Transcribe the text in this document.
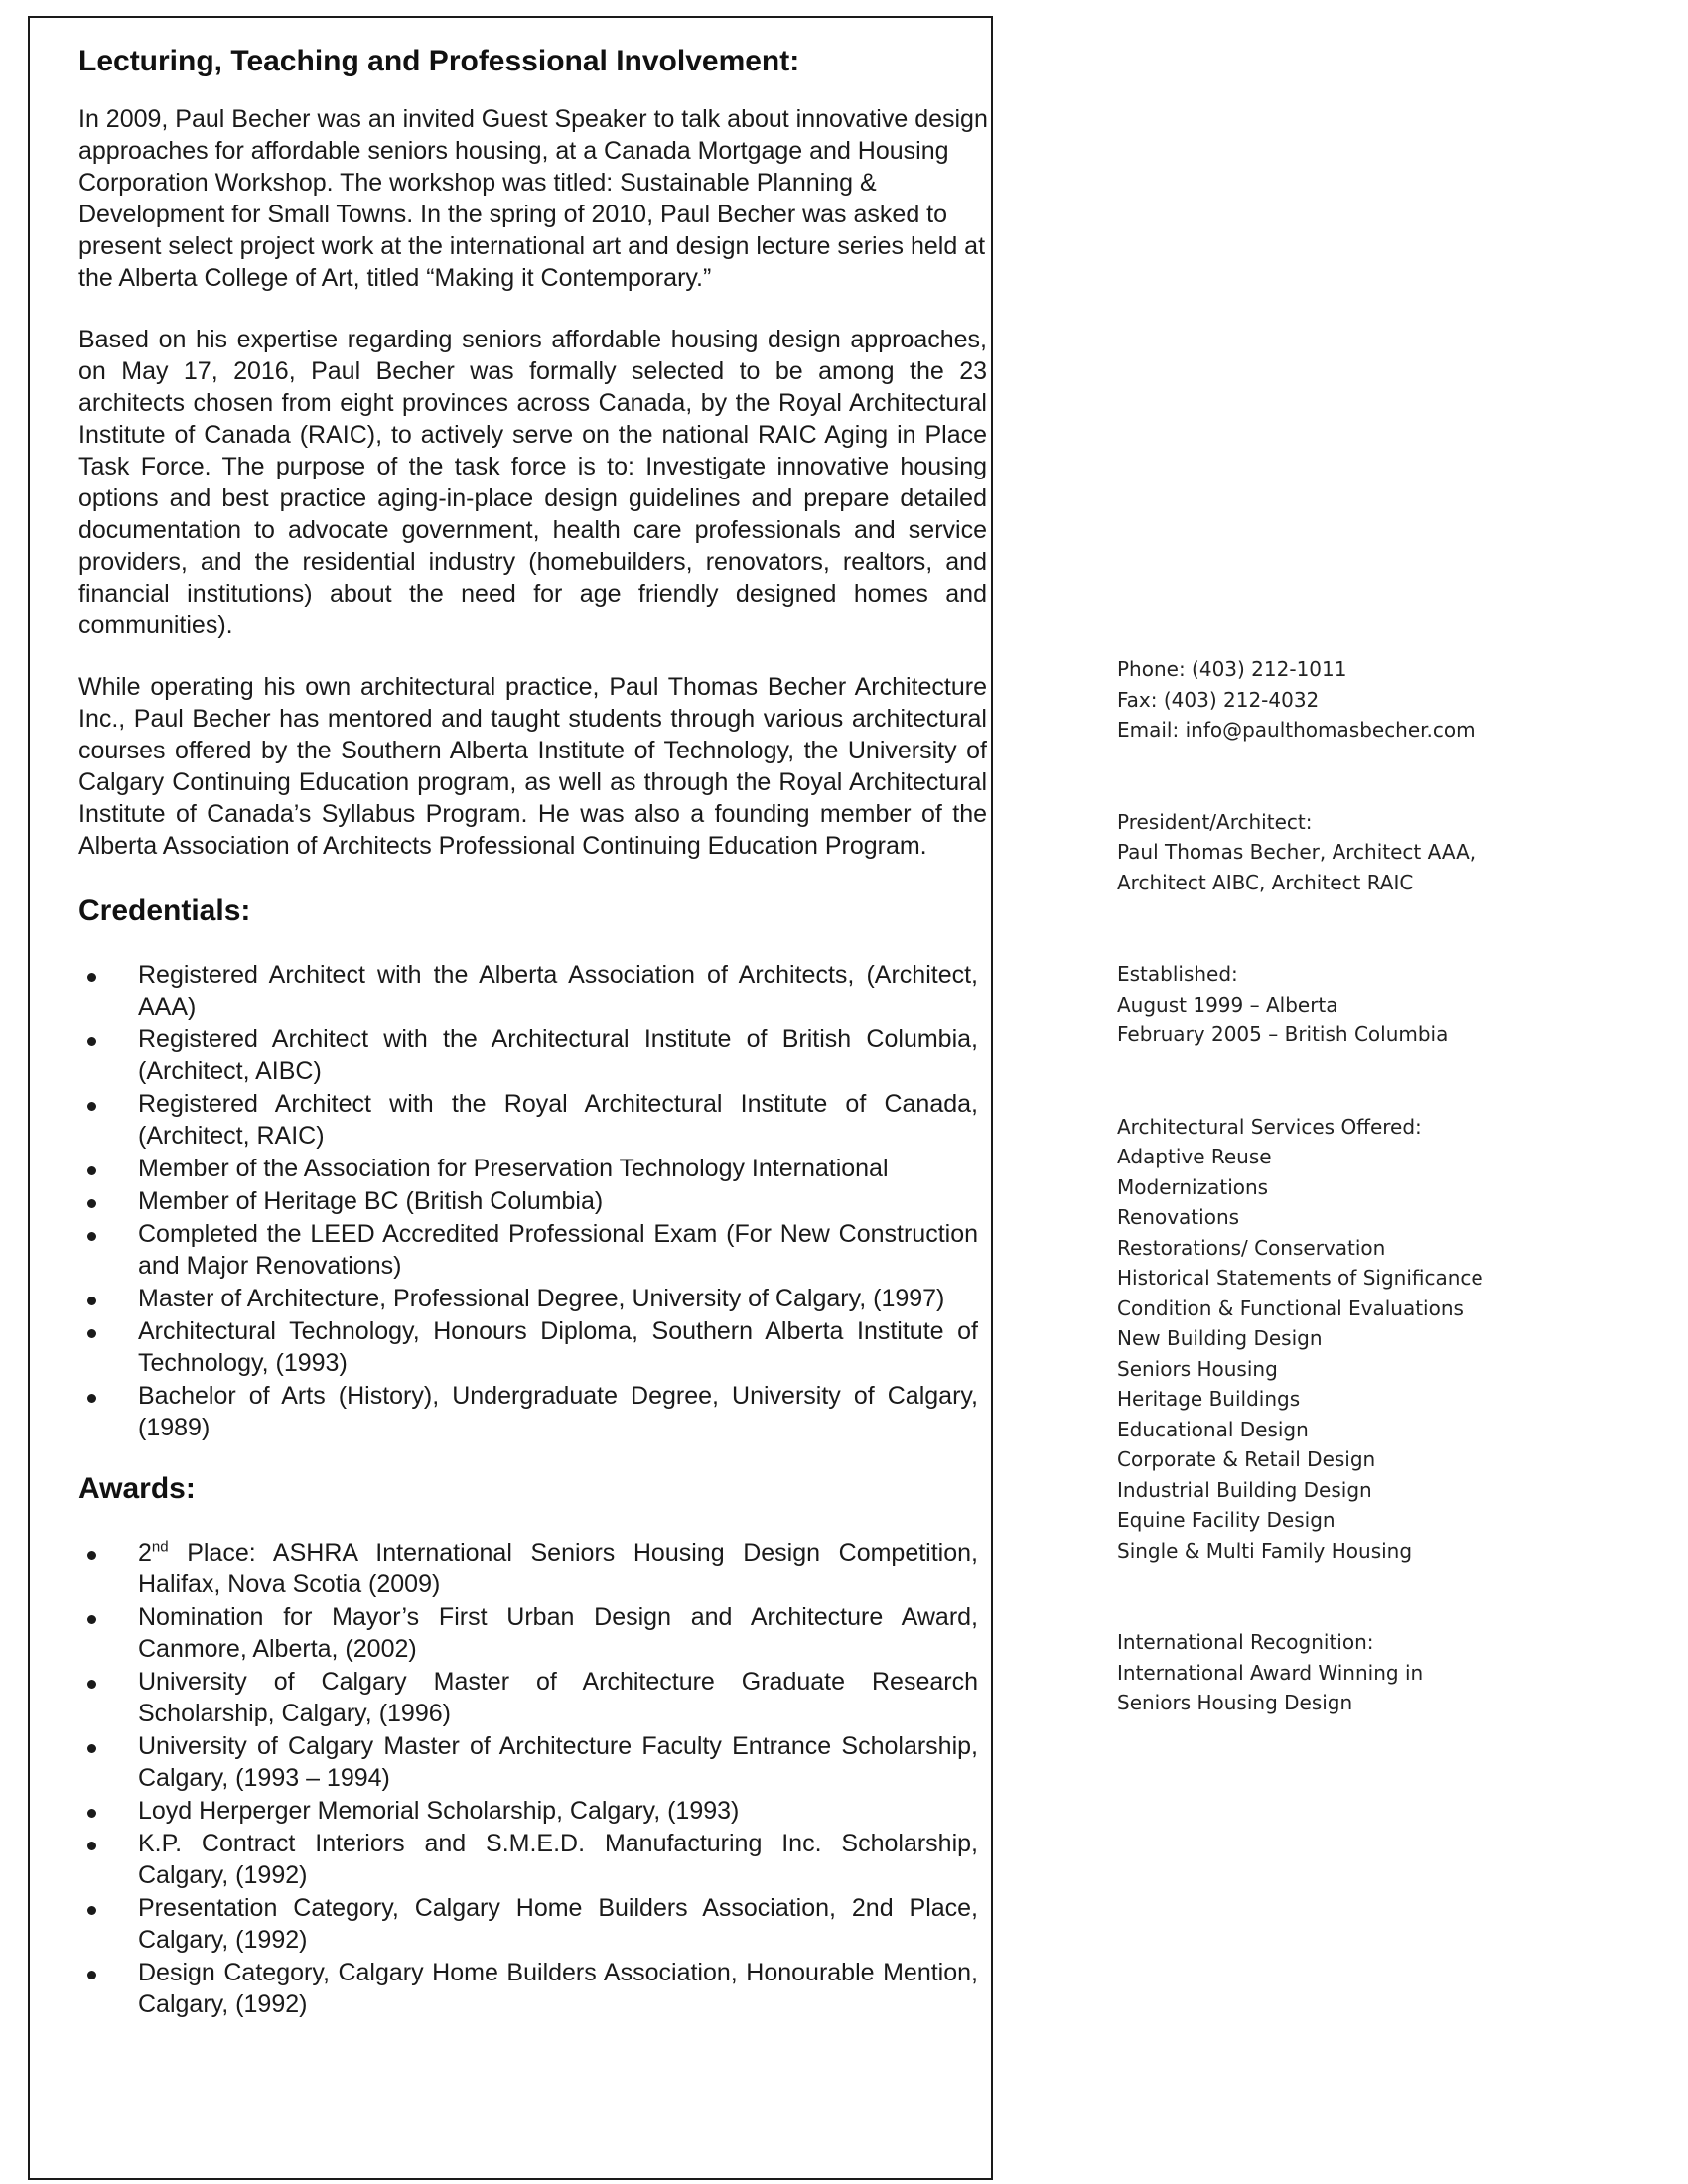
Lecturing, Teaching and Professional Involvement:

In 2009, Paul Becher was an invited Guest Speaker to talk about innovative design approaches for affordable seniors housing, at a Canada Mortgage and Housing Corporation Workshop. The workshop was titled: Sustainable Planning & Development for Small Towns. In the spring of 2010, Paul Becher was asked to present select project work at the international art and design lecture series held at the Alberta College of Art, titled “Making it Contemporary.”

Based on his expertise regarding seniors affordable housing design approaches, on May 17, 2016, Paul Becher was formally selected to be among the 23 architects chosen from eight provinces across Canada, by the Royal Architectural Institute of Canada (RAIC), to actively serve on the national RAIC Aging in Place Task Force. The purpose of the task force is to: Investigate innovative housing options and best practice aging-in-place design guidelines and prepare detailed documentation to advocate government, health care professionals and service providers, and the residential industry (homebuilders, renovators, realtors, and financial institutions) about the need for age friendly designed homes and communities).

While operating his own architectural practice, Paul Thomas Becher Architecture Inc., Paul Becher has mentored and taught students through various architectural courses offered by the Southern Alberta Institute of Technology, the University of Calgary Continuing Education program, as well as through the Royal Architectural Institute of Canada’s Syllabus Program. He was also a founding member of the Alberta Association of Architects Professional Continuing Education Program.

Credentials:
Registered Architect with the Alberta Association of Architects, (Architect, AAA)
Registered Architect with the Architectural Institute of British Columbia, (Architect, AIBC)
Registered Architect with the Royal Architectural Institute of Canada, (Architect, RAIC)
Member of the Association for Preservation Technology International
Member of Heritage BC (British Columbia)
Completed the LEED Accredited Professional Exam (For New Construction and Major Renovations)
Master of Architecture, Professional Degree, University of Calgary, (1997)
Architectural Technology, Honours Diploma, Southern Alberta Institute of Technology, (1993)
Bachelor of Arts (History), Undergraduate Degree, University of Calgary, (1989)
Awards:
2nd Place: ASHRA International Seniors Housing Design Competition, Halifax, Nova Scotia (2009)
Nomination for Mayor’s First Urban Design and Architecture Award, Canmore, Alberta, (2002)
University of Calgary Master of Architecture Graduate Research Scholarship, Calgary, (1996)
University of Calgary Master of Architecture Faculty Entrance Scholarship, Calgary, (1993 – 1994)
Loyd Herperger Memorial Scholarship, Calgary, (1993)
K.P. Contract Interiors and S.M.E.D. Manufacturing Inc. Scholarship, Calgary, (1992)
Presentation Category, Calgary Home Builders Association, 2nd Place, Calgary, (1992)
Design Category, Calgary Home Builders Association, Honourable Mention, Calgary, (1992)
Phone: (403) 212-1011
Fax: (403) 212-4032
Email: info@paulthomasbecher.com
President/Architect:
Paul Thomas Becher, Architect AAA,
Architect AIBC, Architect RAIC
Established:
August 1999 – Alberta
February 2005 – British Columbia
Architectural Services Offered:
Adaptive Reuse
Modernizations
Renovations
Restorations/ Conservation
Historical Statements of Significance
Condition & Functional Evaluations
New Building Design
Seniors Housing
Heritage Buildings
Educational Design
Corporate & Retail Design
Industrial Building Design
Equine Facility Design
Single & Multi Family Housing
International Recognition:
International Award Winning in
Seniors Housing Design
